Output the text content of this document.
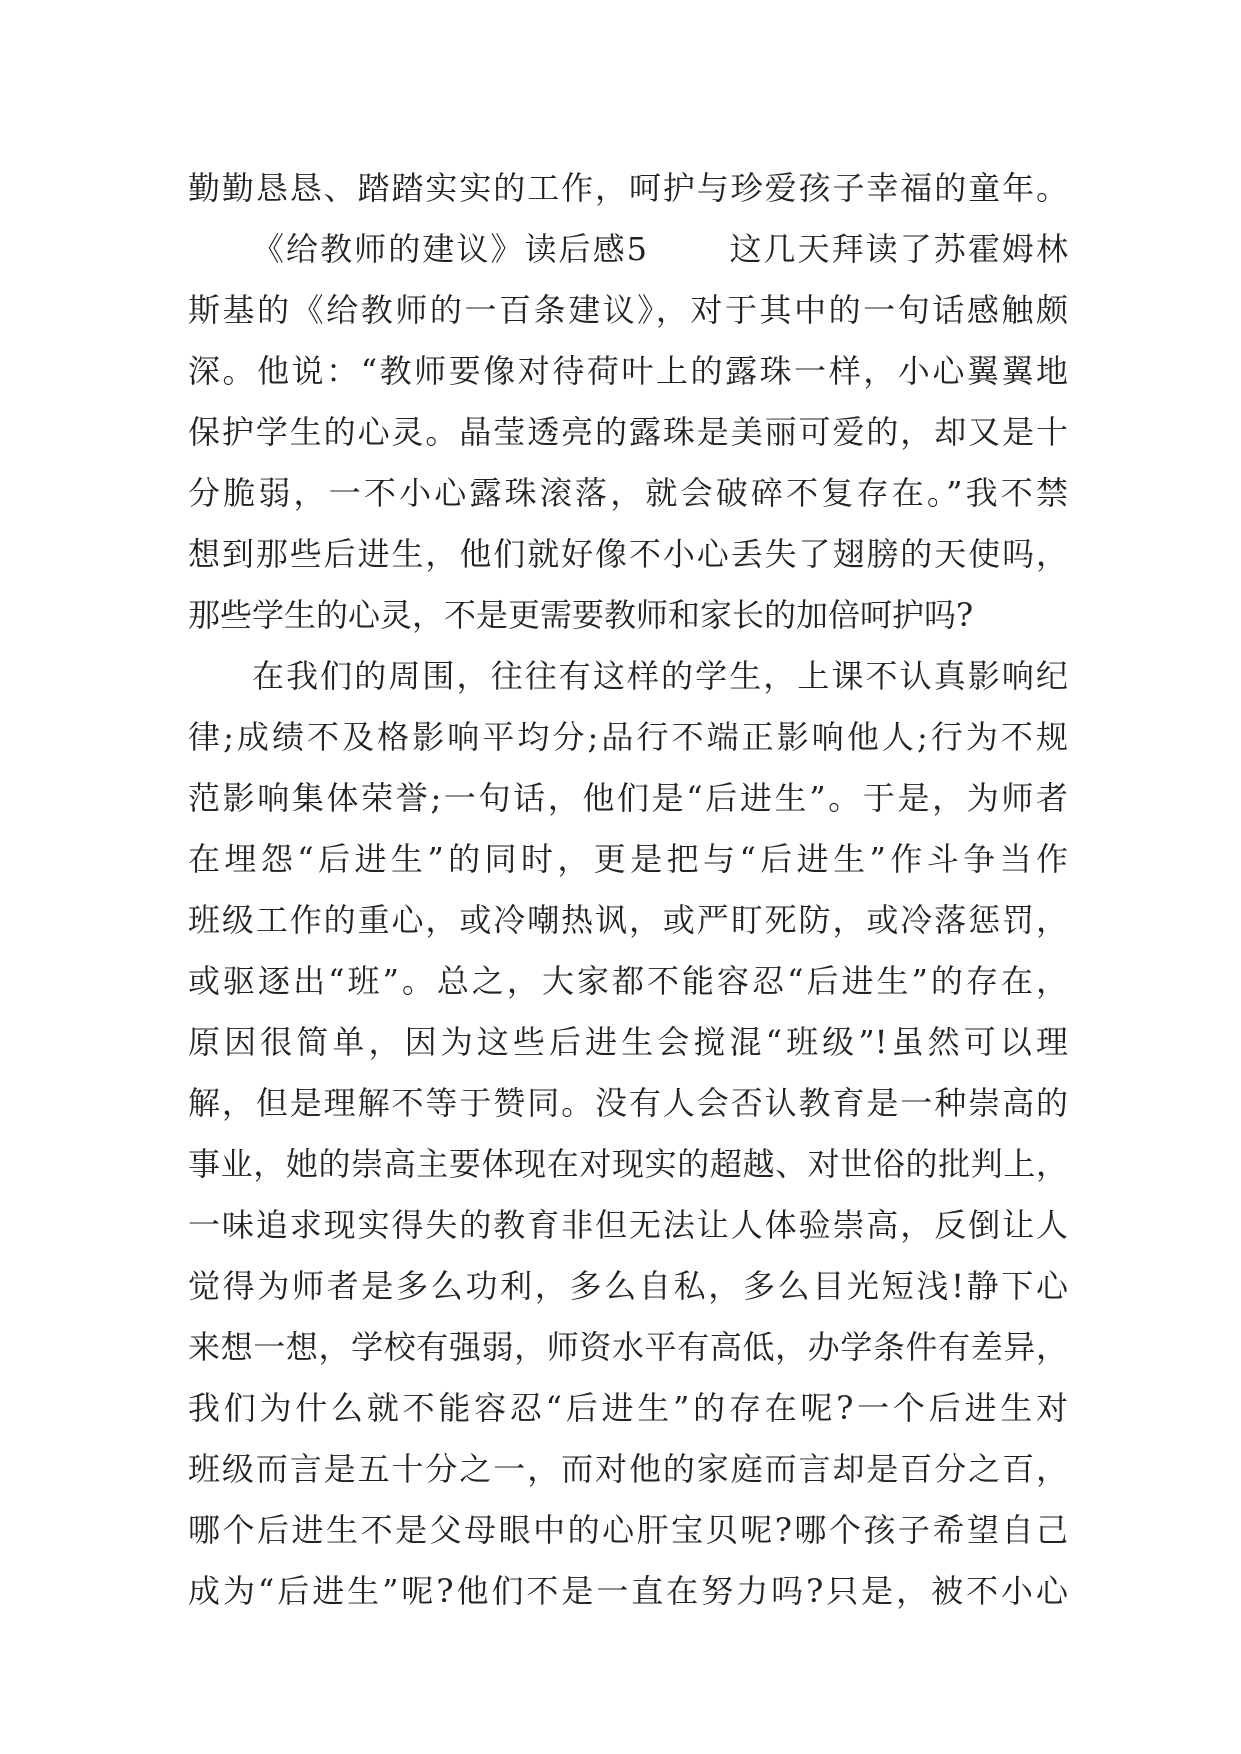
勤勤恳恳、踏踏实实的工作，呵护与珍爱孩子幸福的童年。
《给教师的建议》读后感5　　 这几天拜读了苏霍姆林
斯基的《给教师的一百条建议》，对于其中的一句话感触颇
深。他说：“教师要像对待荷叶上的露珠一样，小心翼翼地
保护学生的心灵。晶莹透亮的露珠是美丽可爱的，却又是十
分脆弱，一不小心露珠滚落，就会破碎不复存在。”我不禁
想到那些后进生，他们就好像不小心丢失了翅膀的天使吗，
那些学生的心灵，不是更需要教师和家长的加倍呵护吗?
在我们的周围，往往有这样的学生，上课不认真影响纪
律;成绩不及格影响平均分;品行不端正影响他人;行为不规
范影响集体荣誉;一句话，他们是“后进生”。于是，为师者
在埋怨“后进生”的同时，更是把与“后进生”作斗争当作
班级工作的重心，或冷嘲热讽，或严盯死防，或冷落惩罚，
或驱逐出“班”。总之，大家都不能容忍“后进生”的存在，
原因很简单，因为这些后进生会搅混“班级”!虽然可以理
解，但是理解不等于赞同。没有人会否认教育是一种崇高的
事业，她的崇高主要体现在对现实的超越、对世俗的批判上，
一味追求现实得失的教育非但无法让人体验崇高，反倒让人
觉得为师者是多么功利，多么自私，多么目光短浅!静下心
来想一想，学校有强弱，师资水平有高低，办学条件有差异，
我们为什么就不能容忍“后进生”的存在呢?一个后进生对
班级而言是五十分之一，而对他的家庭而言却是百分之百，
哪个后进生不是父母眼中的心肝宝贝呢?哪个孩子希望自己
成为“后进生”呢?他们不是一直在努力吗?只是，被不小心
